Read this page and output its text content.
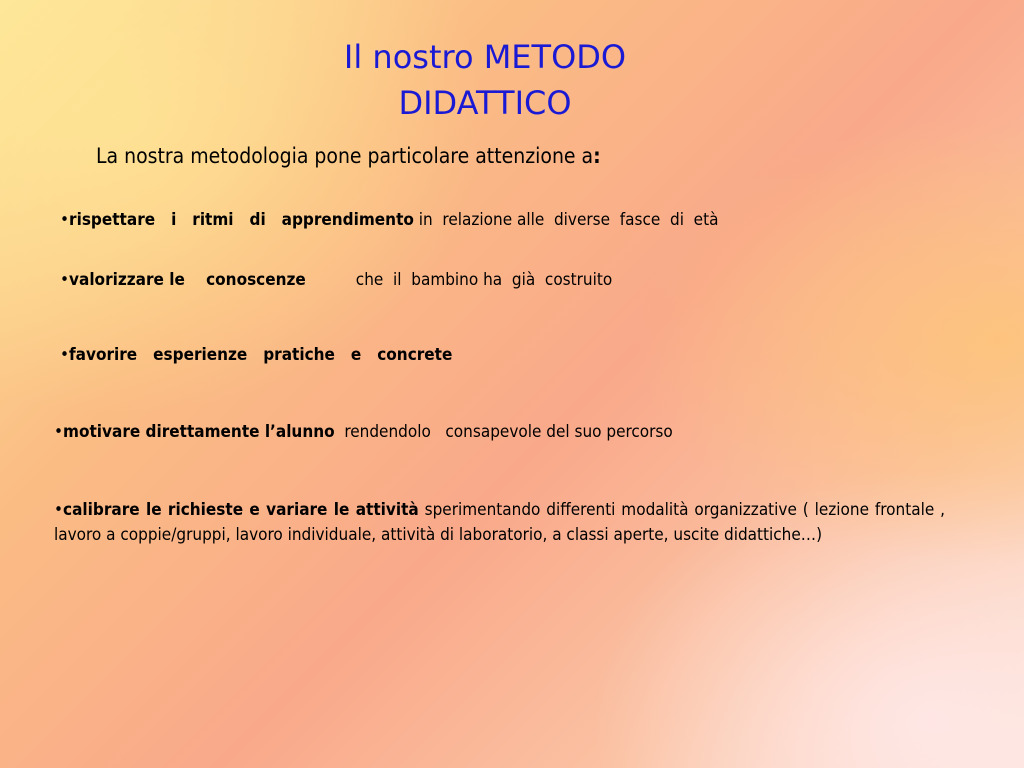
Il nostro METODO
DIDATTICO
La nostra metodologia pone particolare attenzione a:
•rispettare   i   ritmi   di   apprendimento in  relazione alle  diverse  fasce  di  età
•valorizzare le    conoscenze	che  il  bambino ha  già  costruito
•favorire   esperienze   pratiche   e   concrete
•motivare direttamente l’alunno  rendendolo   consapevole del suo percorso
•calibrare le richieste e variare le attività sperimentando differenti modalità organizzative ( lezione frontale , lavoro a coppie/gruppi, lavoro individuale, attività di laboratorio, a classi aperte, uscite didattiche…)
